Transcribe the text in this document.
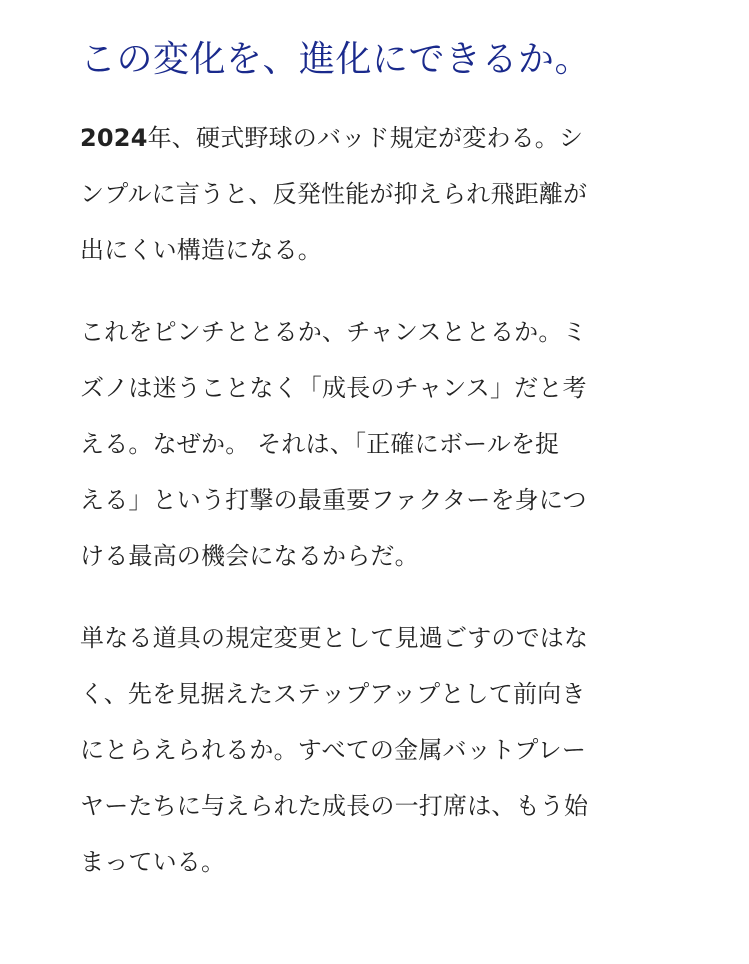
この変化を、進化にできるか。

2024年、硬式野球のバッド規定が変わる。シ
ンプルに言うと、反発性能が抑えられ飛距離が
出にくい構造になる。

これをピンチととるか、チャンスととるか。ミ
ズノは迷うことなく「成長のチャンス」だと考
える。なぜか。 それは、「正確にボールを捉
える」という打撃の最重要ファクターを身につ
ける最高の機会になるからだ。

単なる道具の規定変更として見過ごすのではな
く、先を見据えたステップアップとして前向き
にとらえられるか。すべての金属バットプレー
ヤーたちに与えられた成長の一打席は、もう始
まっている。
